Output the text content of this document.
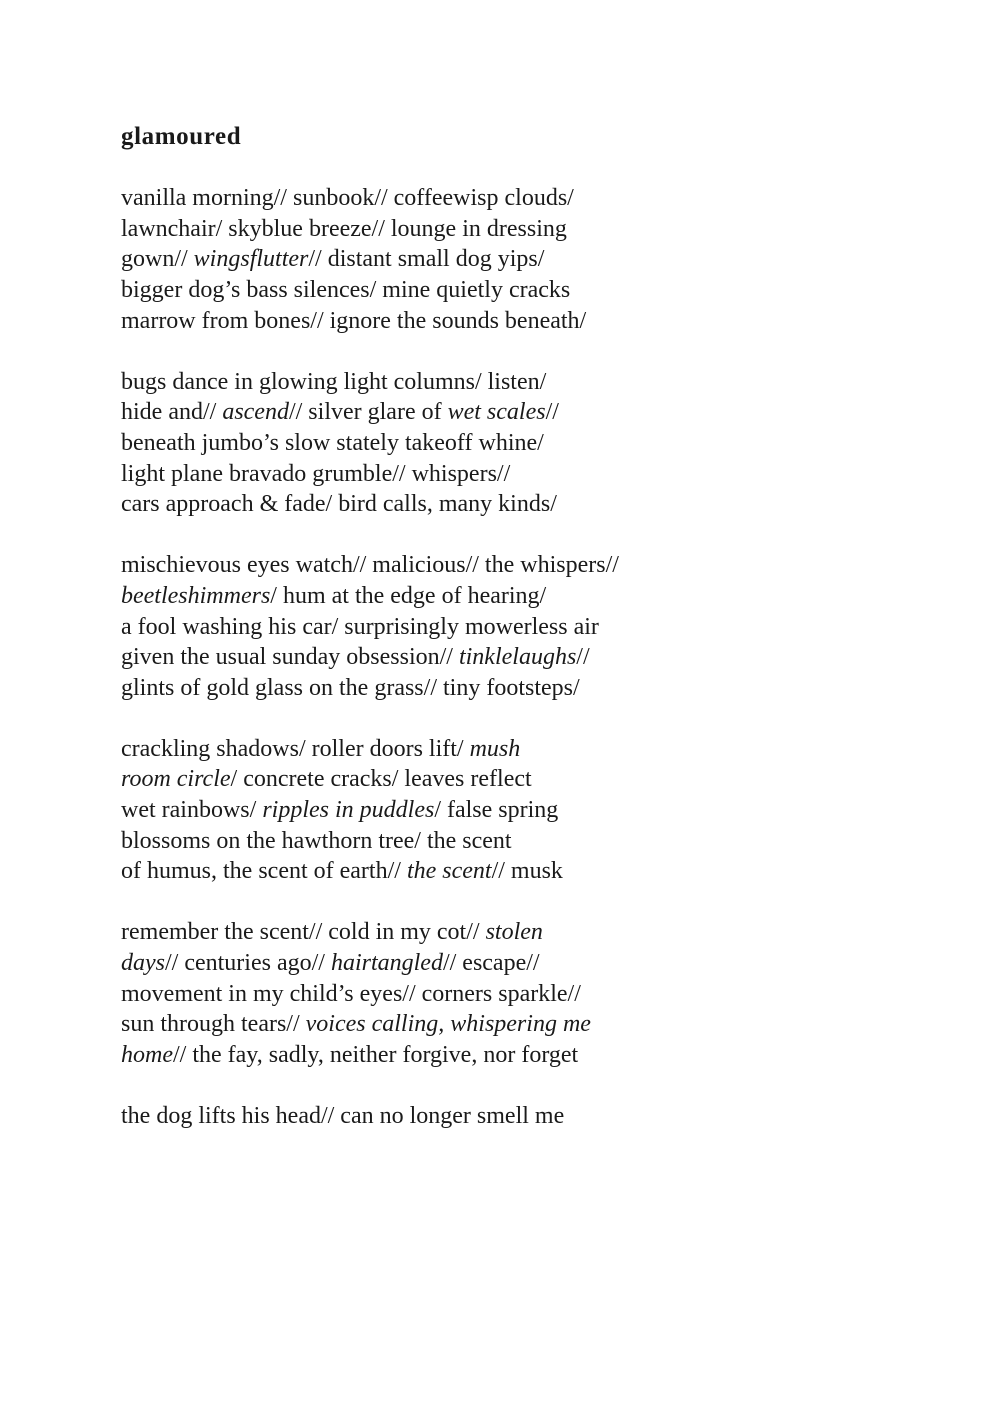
glamoured
vanilla morning// sunbook// coffeewisp clouds/
lawnchair/ skyblue breeze// lounge in dressing
gown// wingsflutter// distant small dog yips/
bigger dog’s bass silences/ mine quietly cracks
marrow from bones// ignore the sounds beneath/
bugs dance in glowing light columns/ listen/
hide and// ascend// silver glare of wet scales//
beneath jumbo’s slow stately takeoff whine/
light plane bravado grumble// whispers//
cars approach & fade/ bird calls, many kinds/
mischievous eyes watch// malicious// the whispers//
beetleshimmers/ hum at the edge of hearing/
a fool washing his car/ surprisingly mowerless air
given the usual sunday obsession// tinklelaughs//
glints of gold glass on the grass// tiny footsteps/
crackling shadows/ roller doors lift/ mush
room circle/ concrete cracks/ leaves reflect
wet rainbows/ ripples in puddles/ false spring
blossoms on the hawthorn tree/ the scent
of humus, the scent of earth// the scent// musk
remember the scent// cold in my cot// stolen
days// centuries ago// hairtangled// escape//
movement in my child’s eyes// corners sparkle//
sun through tears// voices calling, whispering me
home// the fay, sadly, neither forgive, nor forget
the dog lifts his head// can no longer smell me
